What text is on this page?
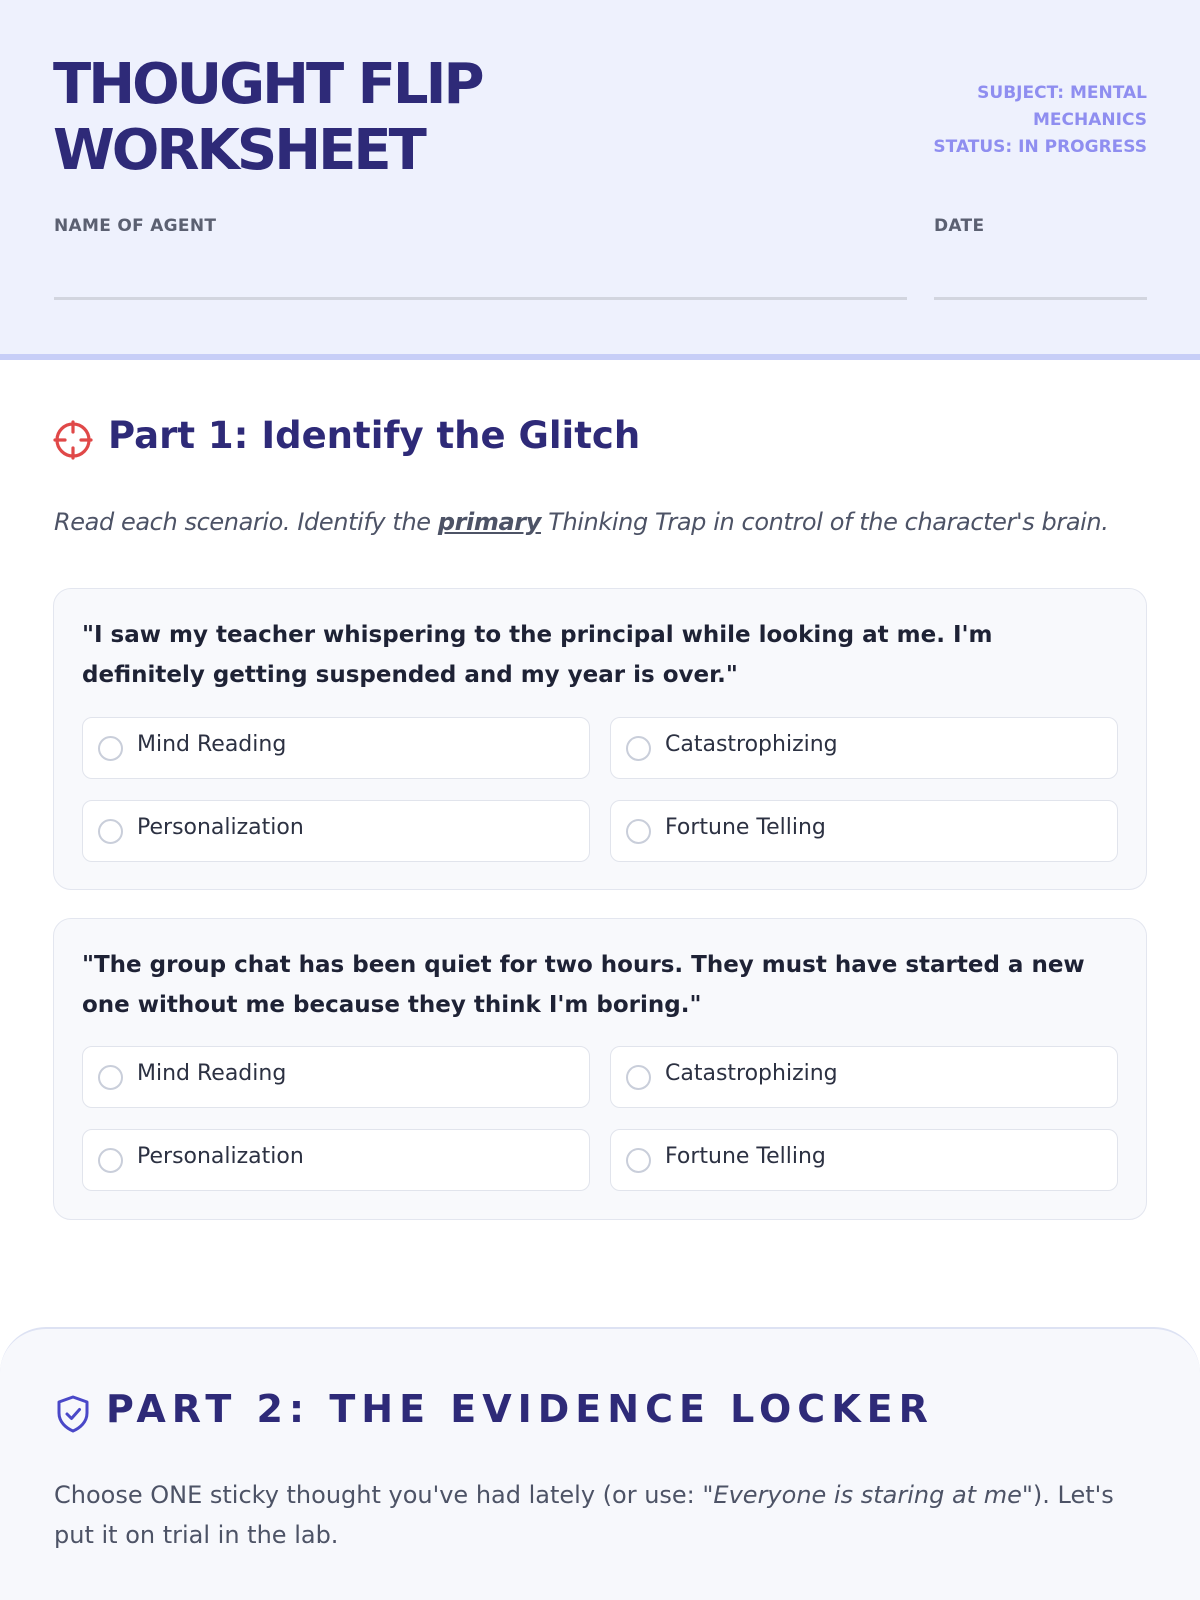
THOUGHT FLIP WORKSHEET
SUBJECT: MENTAL MECHANICS
STATUS: IN PROGRESS
NAME OF AGENT	DATE
Part 1: Identify the Glitch
Read each scenario. Identify the primary Thinking Trap in control of the character's brain.
"I saw my teacher whispering to the principal while looking at me. I'm definitely getting suspended and my year is over."
Mind Reading	Catastrophizing
Personalization	Fortune Telling
"The group chat has been quiet for two hours. They must have started a new one without me because they think I'm boring."
Mind Reading	Catastrophizing
Personalization	Fortune Telling
PART 2: THE EVIDENCE LOCKER
Choose ONE sticky thought you've had lately (or use: "Everyone is staring at me"). Let's put it on trial in the lab.
